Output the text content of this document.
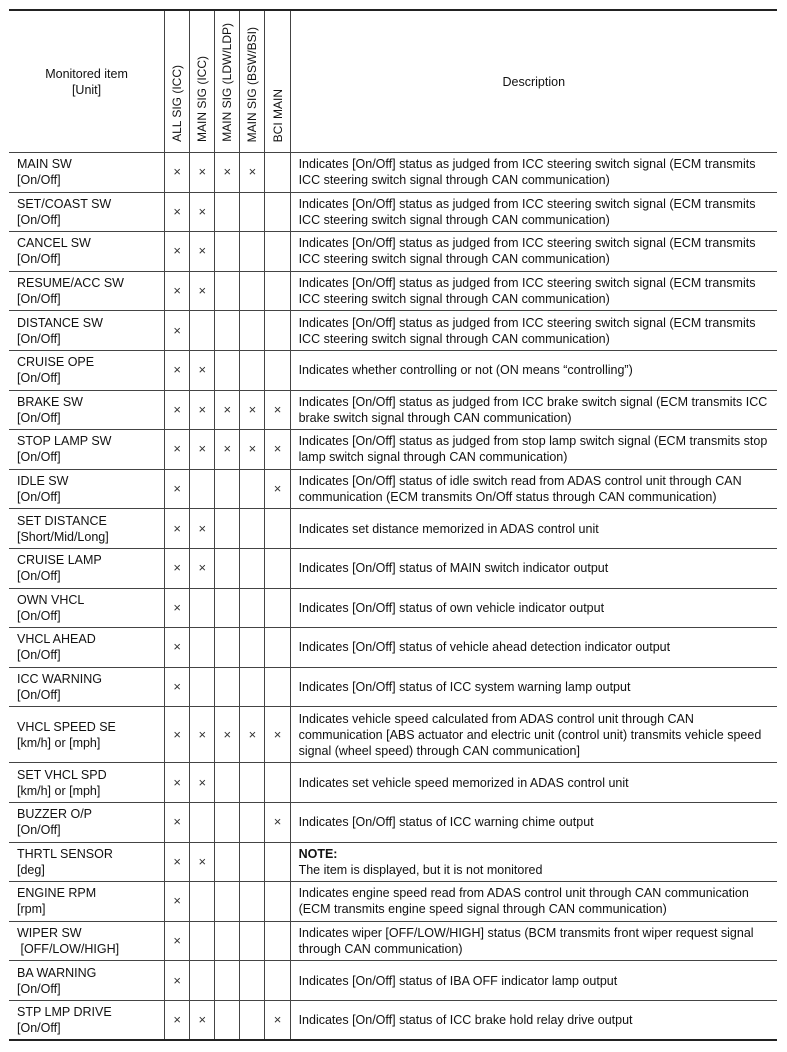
Monitored item
[Unit]	ALL SIG (ICC)	MAIN SIG (ICC)	MAIN SIG (LDW/LDP)	MAIN SIG (BSW/BSI)	BCI MAIN	Description

MAIN SW
[On/Off]	×	×	×	×		Indicates [On/Off] status as judged from ICC steering switch signal (ECM transmits ICC steering switch signal through CAN communication)

SET/COAST SW
[On/Off]	×	×				Indicates [On/Off] status as judged from ICC steering switch signal (ECM transmits ICC steering switch signal through CAN communication)

CANCEL SW
[On/Off]	×	×				Indicates [On/Off] status as judged from ICC steering switch signal (ECM transmits ICC steering switch signal through CAN communication)

RESUME/ACC SW
[On/Off]	×	×				Indicates [On/Off] status as judged from ICC steering switch signal (ECM transmits ICC steering switch signal through CAN communication)

DISTANCE SW
[On/Off]	×					Indicates [On/Off] status as judged from ICC steering switch signal (ECM transmits ICC steering switch signal through CAN communication)

CRUISE OPE
[On/Off]	×	×				Indicates whether controlling or not (ON means “controlling”)

BRAKE SW
[On/Off]	×	×	×	×	×	Indicates [On/Off] status as judged from ICC brake switch signal (ECM transmits ICC brake switch signal through CAN communication)

STOP LAMP SW
[On/Off]	×	×	×	×	×	Indicates [On/Off] status as judged from stop lamp switch signal (ECM transmits stop lamp switch signal through CAN communication)

IDLE SW
[On/Off]	×				×	Indicates [On/Off] status of idle switch read from ADAS control unit through CAN communication (ECM transmits On/Off status through CAN communication)

SET DISTANCE
[Short/Mid/Long]	×	×				Indicates set distance memorized in ADAS control unit

CRUISE LAMP
[On/Off]	×	×				Indicates [On/Off] status of MAIN switch indicator output

OWN VHCL
[On/Off]	×					Indicates [On/Off] status of own vehicle indicator output

VHCL AHEAD
[On/Off]	×					Indicates [On/Off] status of vehicle ahead detection indicator output

ICC WARNING
[On/Off]	×					Indicates [On/Off] status of ICC system warning lamp output

VHCL SPEED SE
[km/h] or [mph]	×	×	×	×	×	Indicates vehicle speed calculated from ADAS control unit through CAN communication [ABS actuator and electric unit (control unit) transmits vehicle speed signal (wheel speed) through CAN communication]

SET VHCL SPD
[km/h] or [mph]	×	×				Indicates set vehicle speed memorized in ADAS control unit

BUZZER O/P
[On/Off]	×				×	Indicates [On/Off] status of ICC warning chime output

THRTL SENSOR
[deg]	×	×				NOTE:
The item is displayed, but it is not monitored

ENGINE RPM
[rpm]	×					Indicates engine speed read from ADAS control unit through CAN communication (ECM transmits engine speed signal through CAN communication)

WIPER SW
[OFF/LOW/HIGH]	×					Indicates wiper [OFF/LOW/HIGH] status (BCM transmits front wiper request signal through CAN communication)

BA WARNING
[On/Off]	×					Indicates [On/Off] status of IBA OFF indicator lamp output

STP LMP DRIVE
[On/Off]	×	×			×	Indicates [On/Off] status of ICC brake hold relay drive output
